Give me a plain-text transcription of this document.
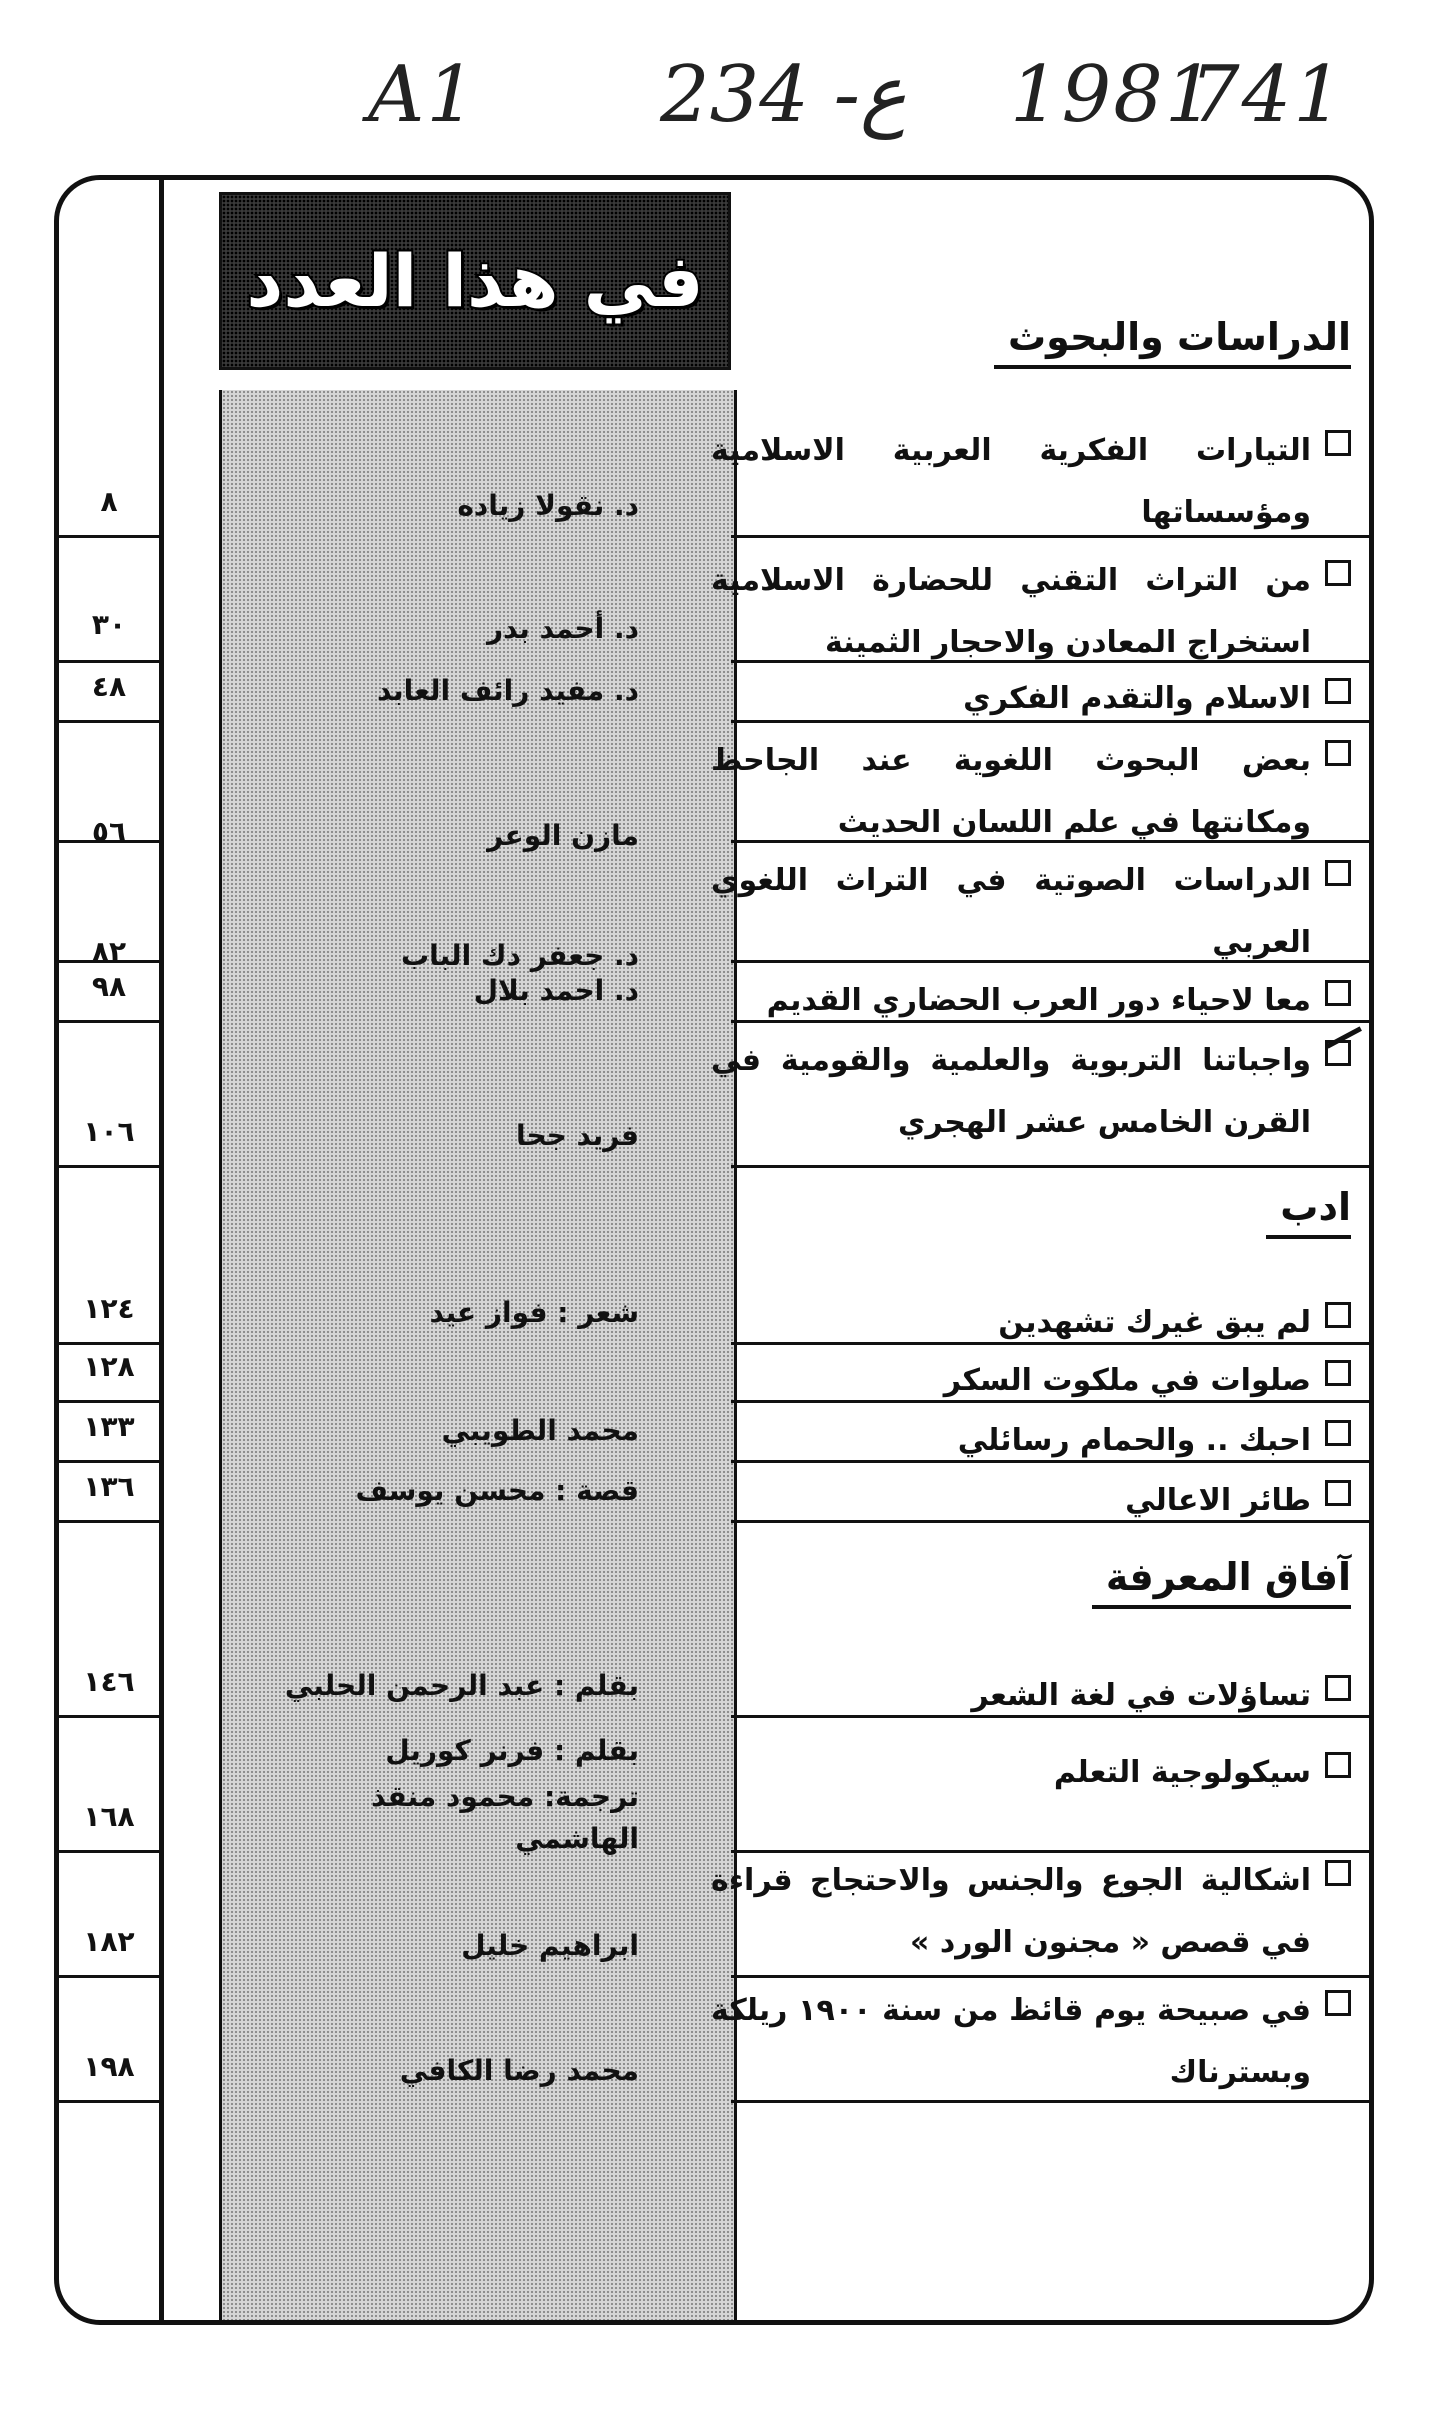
A1 234 -ع 1981
741
في هذا العدد
الدراسات والبحوث
ادب
آفاق المعرفة
التيارات الفكرية العربية الاسلامية ومؤسساتها
د. نقولا زياده
٨
من التراث التقني للحضارة الاسلامية استخراج المعادن والاحجار الثمينة
د. أحمد بدر
٣٠
الاسلام والتقدم الفكري
د. مفيد رائف العابد
٤٨
بعض البحوث اللغوية عند الجاحظ ومكانتها في علم اللسان الحديث
مازن الوعر
٥٦
الدراسات الصوتية في التراث اللغوي العربي
د. جعفر دك الباب
٨٢
معا لاحياء دور العرب الحضاري القديم
د. احمد بلال
٩٨
واجباتنا التربوية والعلمية والقومية في القرن الخامس عشر الهجري
فريد جحا
١٠٦
لم يبق غيرك تشهدين
شعر : فواز عيد
١٢٤
صلوات في ملكوت السكر
١٢٨
احبك .. والحمام رسائلي
محمد الطويبي
١٣٣
طائر الاعالي
قصة : محسن يوسف
١٣٦
تساؤلات في لغة الشعر
بقلم : عبد الرحمن الحلبي
١٤٦
سيكولوجية التعلم
بقلم : فرنر كوريل
ترجمة: محمود منقذ الهاشمي
١٦٨
اشكالية الجوع والجنس والاحتجاج قراءة في قصص « مجنون الورد »
ابراهيم خليل
١٨٢
في صبيحة يوم قائظ من سنة ١٩٠٠ ريلكة وبسترناك
محمد رضا الكافي
١٩٨
